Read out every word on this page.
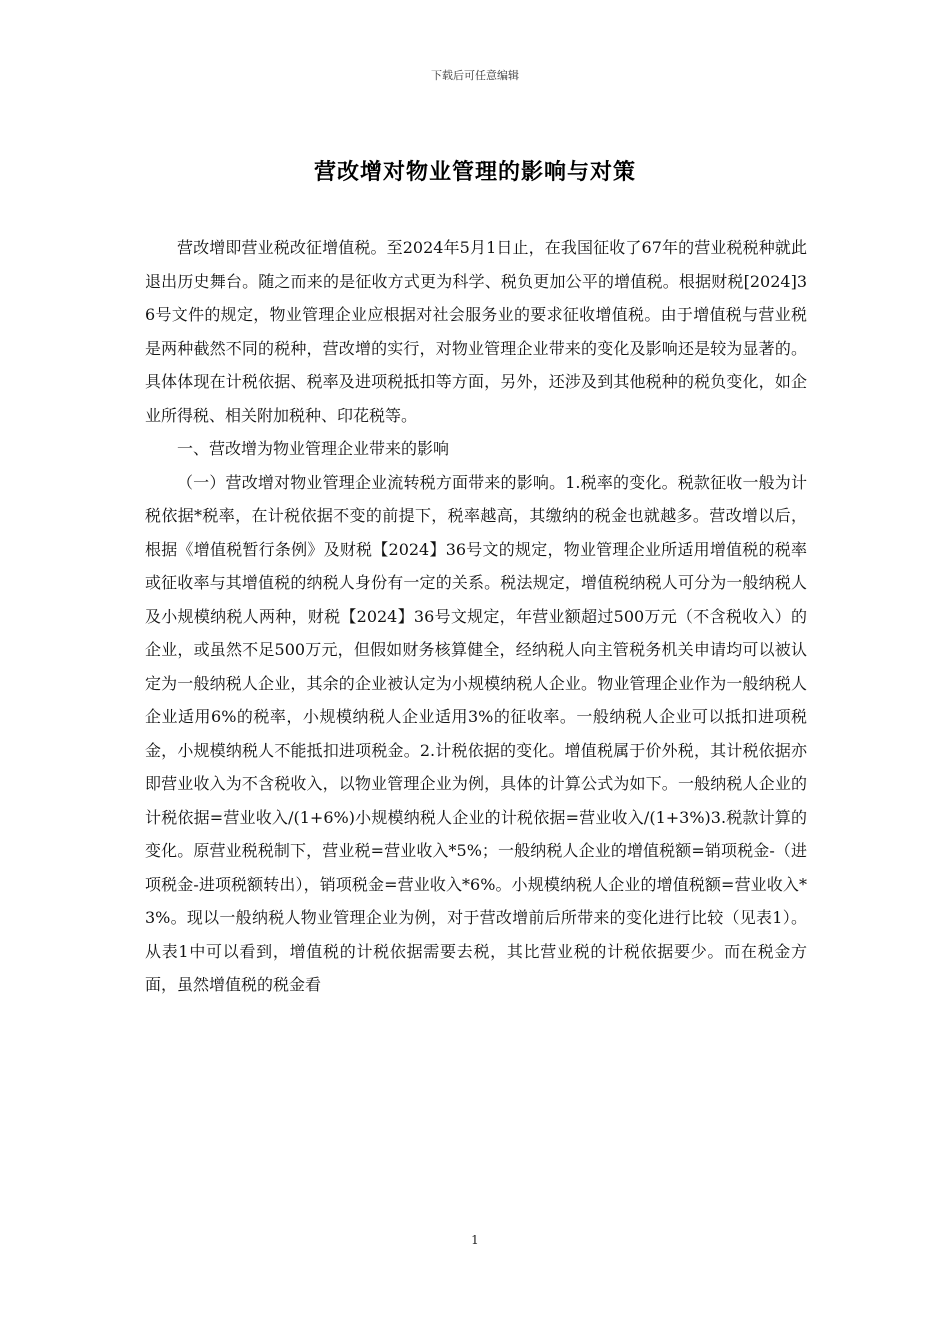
下载后可任意编辑
营改增对物业管理的影响与对策

营改增即营业税改征增值税。至2024年5月1日止，在我国征收了67年的营业税税种就此退出历史舞台。随之而来的是征收方式更为科学、税负更加公平的增值税。根据财税[2024]36号文件的规定，物业管理企业应根据对社会服务业的要求征收增值税。由于增值税与营业税是两种截然不同的税种，营改增的实行，对物业管理企业带来的变化及影响还是较为显著的。具体体现在计税依据、税率及进项税抵扣等方面，另外，还涉及到其他税种的税负变化，如企业所得税、相关附加税种、印花税等。

一、营改增为物业管理企业带来的影响

（一）营改增对物业管理企业流转税方面带来的影响。1.税率的变化。税款征收一般为计税依据*税率，在计税依据不变的前提下，税率越高，其缴纳的税金也就越多。营改增以后，根据《增值税暂行条例》及财税【2024】36号文的规定，物业管理企业所适用增值税的税率或征收率与其增值税的纳税人身份有一定的关系。税法规定，增值税纳税人可分为一般纳税人及小规模纳税人两种，财税【2024】36号文规定，年营业额超过500万元（不含税收入）的企业，或虽然不足500万元，但假如财务核算健全，经纳税人向主管税务机关申请均可以被认定为一般纳税人企业，其余的企业被认定为小规模纳税人企业。物业管理企业作为一般纳税人企业适用6%的税率，小规模纳税人企业适用3%的征收率。一般纳税人企业可以抵扣进项税金，小规模纳税人不能抵扣进项税金。2.计税依据的变化。增值税属于价外税，其计税依据亦即营业收入为不含税收入，以物业管理企业为例，具体的计算公式为如下。一般纳税人企业的计税依据=营业收入/(1+6%)小规模纳税人企业的计税依据=营业收入/(1+3%)3.税款计算的变化。原营业税税制下，营业税=营业收入*5%；一般纳税人企业的增值税额=销项税金-（进项税金-进项税额转出），销项税金=营业收入*6%。小规模纳税人企业的增值税额=营业收入*3%。现以一般纳税人物业管理企业为例，对于营改增前后所带来的变化进行比较（见表1）。从表1中可以看到，增值税的计税依据需要去税，其比营业税的计税依据要少。而在税金方面，虽然增值税的税金看

1
